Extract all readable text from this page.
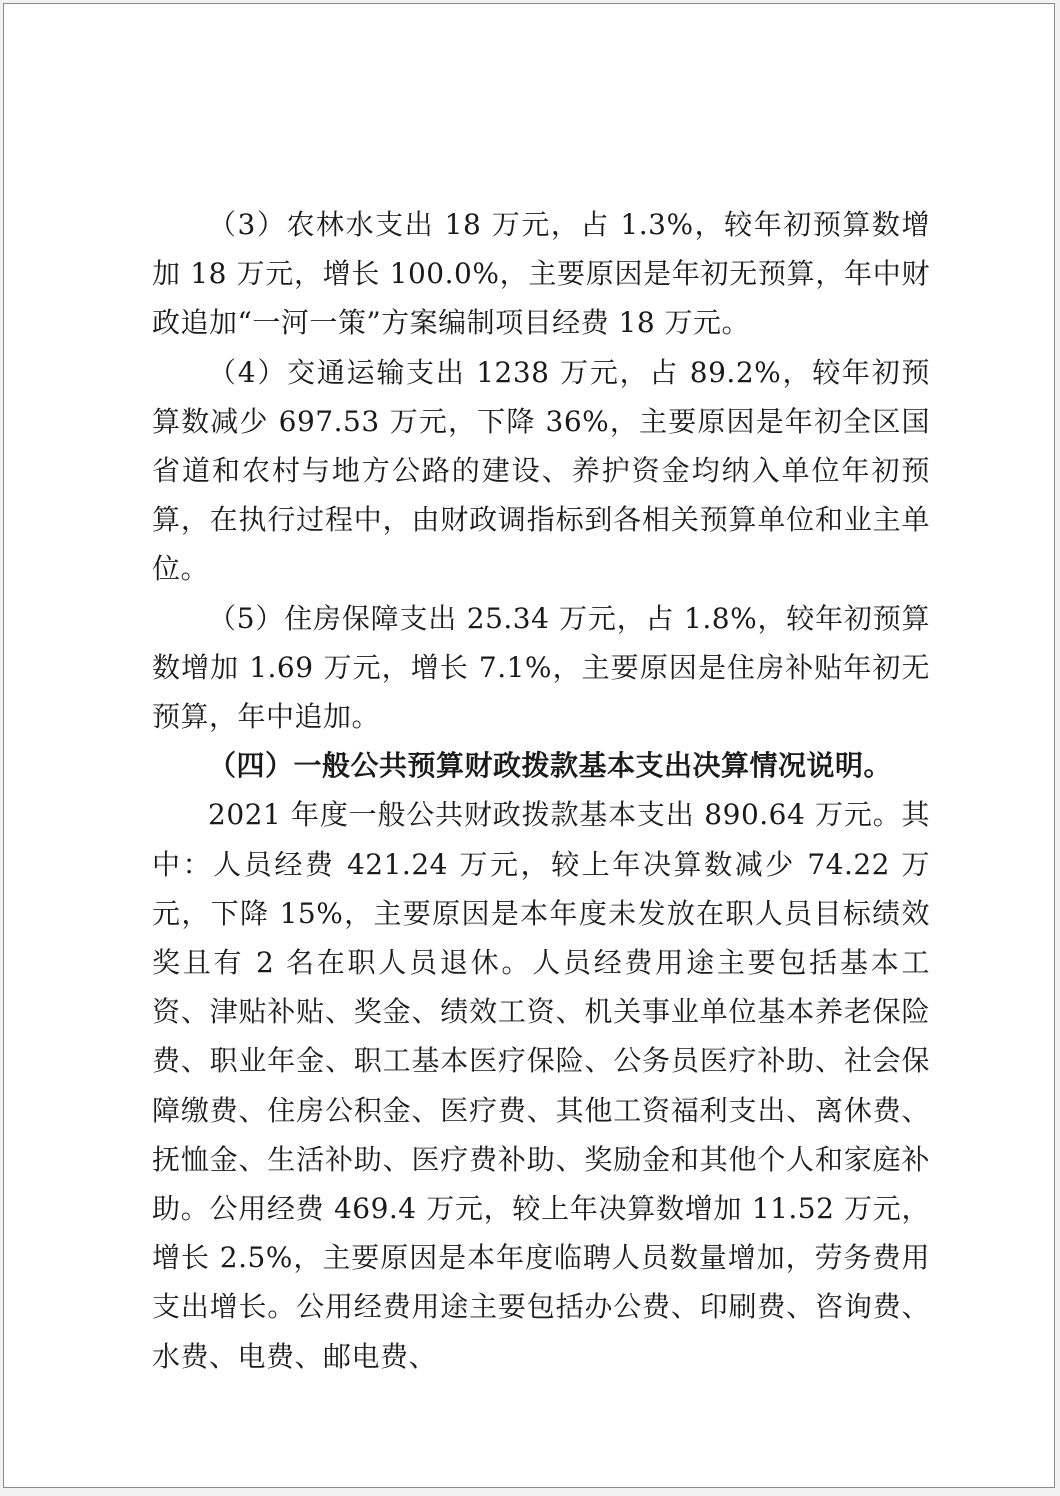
（3）农林水支出 18 万元，占 1.3%，较年初预算数增加 18 万元，增长 100.0%，主要原因是年初无预算，年中财政追加“一河一策”方案编制项目经费 18 万元。

（4）交通运输支出 1238 万元，占 89.2%，较年初预算数减少 697.53 万元，下降 36%，主要原因是年初全区国省道和农村与地方公路的建设、养护资金均纳入单位年初预算，在执行过程中，由财政调指标到各相关预算单位和业主单位。

（5）住房保障支出 25.34 万元，占 1.8%，较年初预算数增加 1.69 万元，增长 7.1%，主要原因是住房补贴年初无预算，年中追加。

（四）一般公共预算财政拨款基本支出决算情况说明。

2021 年度一般公共财政拨款基本支出 890.64 万元。其中：人员经费 421.24 万元，较上年决算数减少 74.22 万元，下降 15%，主要原因是本年度未发放在职人员目标绩效奖且有 2 名在职人员退休。人员经费用途主要包括基本工资、津贴补贴、奖金、绩效工资、机关事业单位基本养老保险费、职业年金、职工基本医疗保险、公务员医疗补助、社会保障缴费、住房公积金、医疗费、其他工资福利支出、离休费、抚恤金、生活补助、医疗费补助、奖励金和其他个人和家庭补助。公用经费 469.4 万元，较上年决算数增加 11.52 万元，增长 2.5%，主要原因是本年度临聘人员数量增加，劳务费用支出增长。公用经费用途主要包括办公费、印刷费、咨询费、水费、电费、邮电费、
